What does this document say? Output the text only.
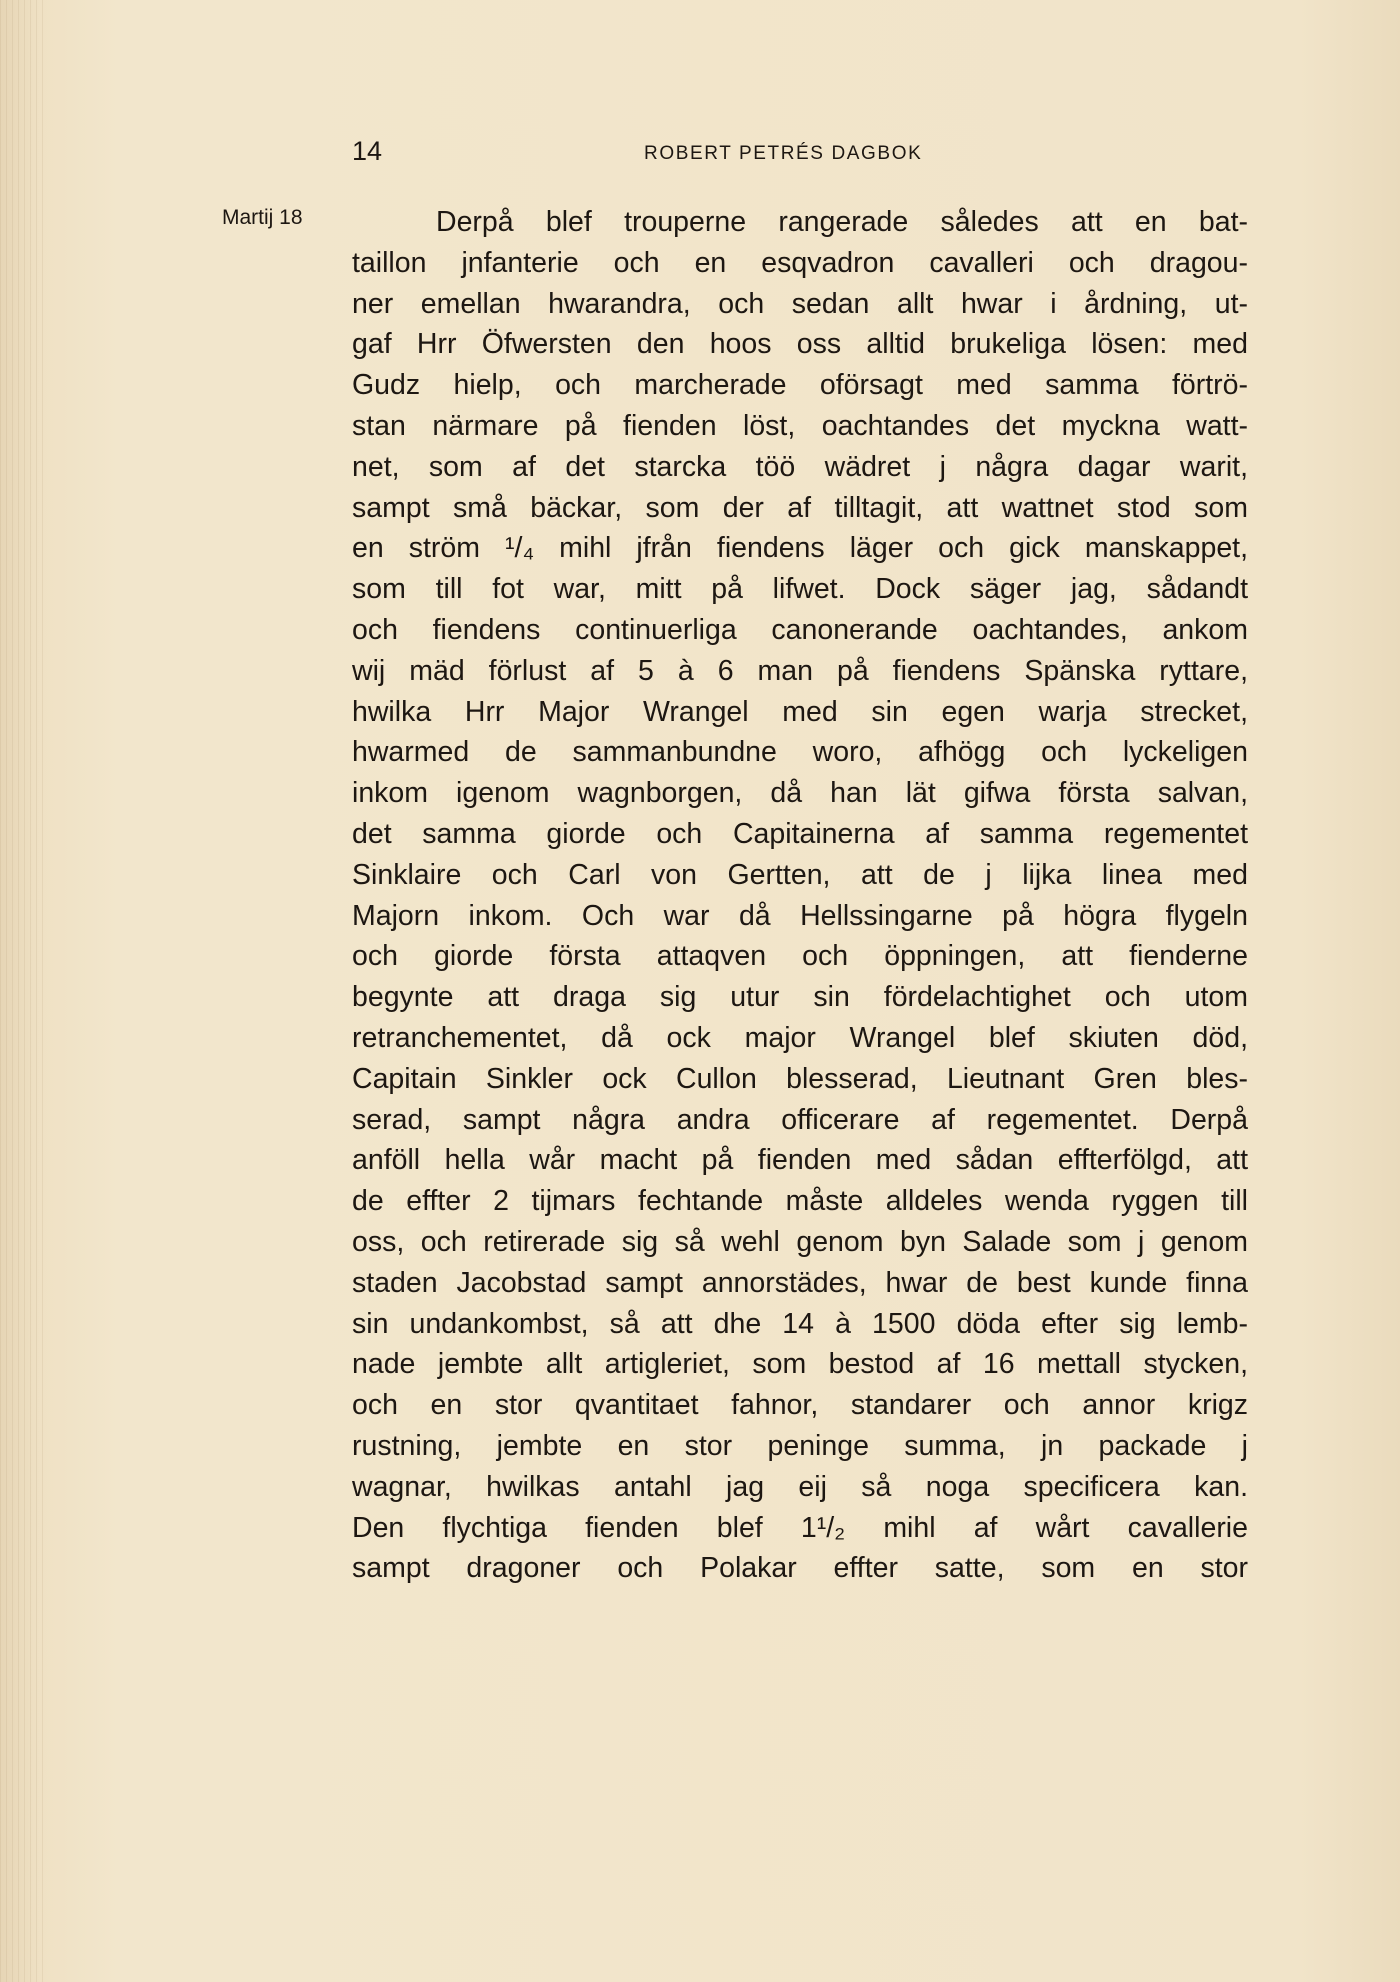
14	ROBERT PETRÉS DAGBOK
Martij 18	Derpå blef trouperne rangerade således att en bat-
taillon jnfanterie och en esqvadron cavalleri och dragou-
ner emellan hwarandra, och sedan allt hwar i årdning, ut-
gaf Hrr Öfwersten den hoos oss alltid brukeliga lösen: med
Gudz hielp, och marcherade oförsagt med samma förtrö-
stan närmare på fienden löst, oachtandes det myckna watt-
net, som af det starcka töö wädret j några dagar warit,
sampt små bäckar, som der af tilltagit, att wattnet stod som
en ström ¹/₄ mihl jfrån fiendens läger och gick manskappet,
som till fot war, mitt på lifwet. Dock säger jag, sådandt
och fiendens continuerliga canonerande oachtandes, ankom
wij mäd förlust af 5 à 6 man på fiendens Spänska ryttare,
hwilka Hrr Major Wrangel med sin egen warja strecket,
hwarmed de sammanbundne woro, afhögg och lyckeligen
inkom igenom wagnborgen, då han lät gifwa första salvan,
det samma giorde och Capitainerna af samma regementet
Sinklaire och Carl von Gertten, att de j lijka linea med
Majorn inkom. Och war då Hellssingarne på högra flygeln
och giorde första attaqven och öppningen, att fienderne
begynte att draga sig utur sin fördelachtighet och utom
retranchementet, då ock major Wrangel blef skiuten död,
Capitain Sinkler ock Cullon blesserad, Lieutnant Gren bles-
serad, sampt några andra officerare af regementet. Derpå
anföll hella wår macht på fienden med sådan effterfölgd, att
de effter 2 tijmars fechtande måste alldeles wenda ryggen till
oss, och retirerade sig så wehl genom byn Salade som j genom
staden Jacobstad sampt annorstädes, hwar de best kunde finna
sin undankombst, så att dhe 14 à 1500 döda efter sig lemb-
nade jembte allt artigleriet, som bestod af 16 mettall stycken,
och en stor qvantitaet fahnor, standarer och annor krigz
rustning, jembte en stor peninge summa, jn packade j
wagnar, hwilkas antahl jag eij så noga specificera kan.
Den flychtiga fienden blef 1¹/₂ mihl af wårt cavallerie
sampt dragoner och Polakar effter satte, som en stor
